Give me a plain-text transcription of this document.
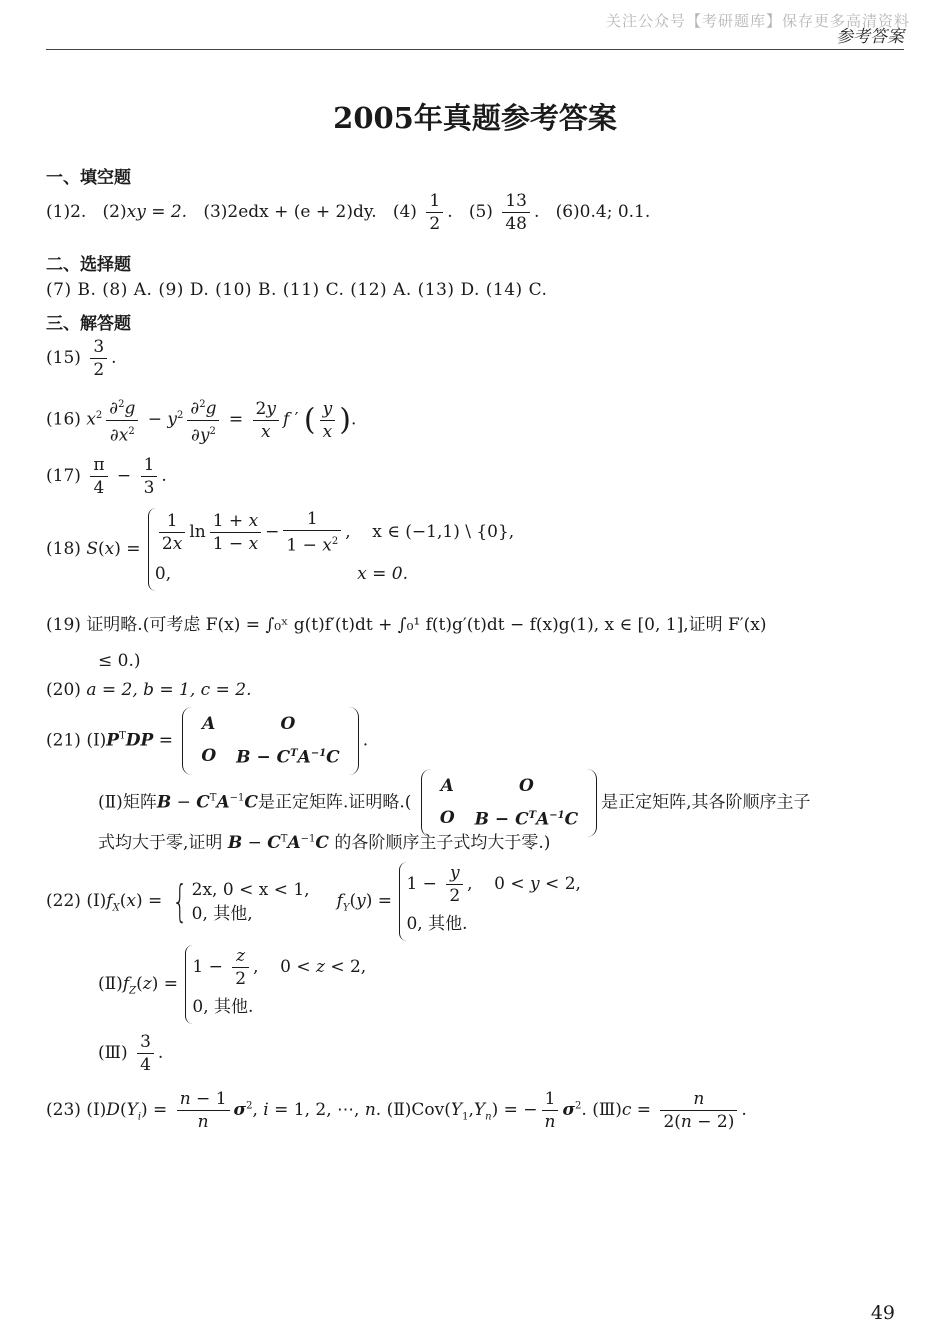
关注公众号【考研题库】保存更多高清资料
参考答案
2005年真题参考答案
一、填空题
(1)2. (2)xy = 2. (3)2edx + (e + 2)dy. $(4) \frac{1}{2}$ .   $(5) \frac{13}{48}$ .   (6)0.4; 0.1.
二、选择题
(7) B. (8) A. (9) D. (10) B. (11) C. (12) A. (13) D. (14) C.
三、解答题
$(15) \frac{3}{2}$ .
(16) $x^2 \frac{\partial^2g}{\partial x^2} - y^2 \frac{\partial^2g}{\partial y^2} = \frac{2y}{x}$ f ′ ( $\frac{y}{x}$ ).
$(17) \frac{\pi}{4} - \frac{1}{3}$ .
(18) $S(x) = \frac{1}{2x}$ $\ln \frac{1 + x}{1 - x} - \frac{1}{1 - x^2}$ ,    x ∈ (−1,1) \ {0},
0,	x = 0.
(19) 证明略.(可考虑 F(x) = ∫₀ˣ g(t)f′(t)dt + ∫₀¹ f(t)g′(t)dt − f(x)g(1), x ∈ [0, 1],证明 F′(x)
≤ 0.)
(20) a = 2, b = 1, c = 2.
(21) $(Ⅰ)P^TDP$ =
A	O
O	$B - C^TA^{-1}C$
.
(Ⅱ)矩阵$B - C^TA^{-1}C$是正定矩阵.证明略.(
A	O
O	$B - C^TA^{-1}C$
是正定矩阵,其各阶顺序主子
式均大于零,证明 $B - C^TA^{-1}C$ 的各阶顺序主子式均大于零.)
(22) $(Ⅰ)f_X(x)$ = { 2x, 0 < x < 1,
0, 其他,
$f_Y(y)$ =
$1 - \frac{y}{2}$ ,    0 < y < 2,
0, 其他.
$(Ⅱ)f_Z(z)$ =
$1 - \frac{z}{2}$ ,    0 < z < 2,
0, 其他.
(Ⅲ) $\frac{3}{4}$ .
(23) $(Ⅰ)D(Y_i) = \frac{n - 1}{n} \sigma^2$, i = 1, 2, ⋯, n. $(Ⅱ)Cov(Y_1,Y_n)$ = − $\frac{1}{n} \sigma^2$. (Ⅲ)c = $\frac{n}{2(n - 2)}$ .
49
